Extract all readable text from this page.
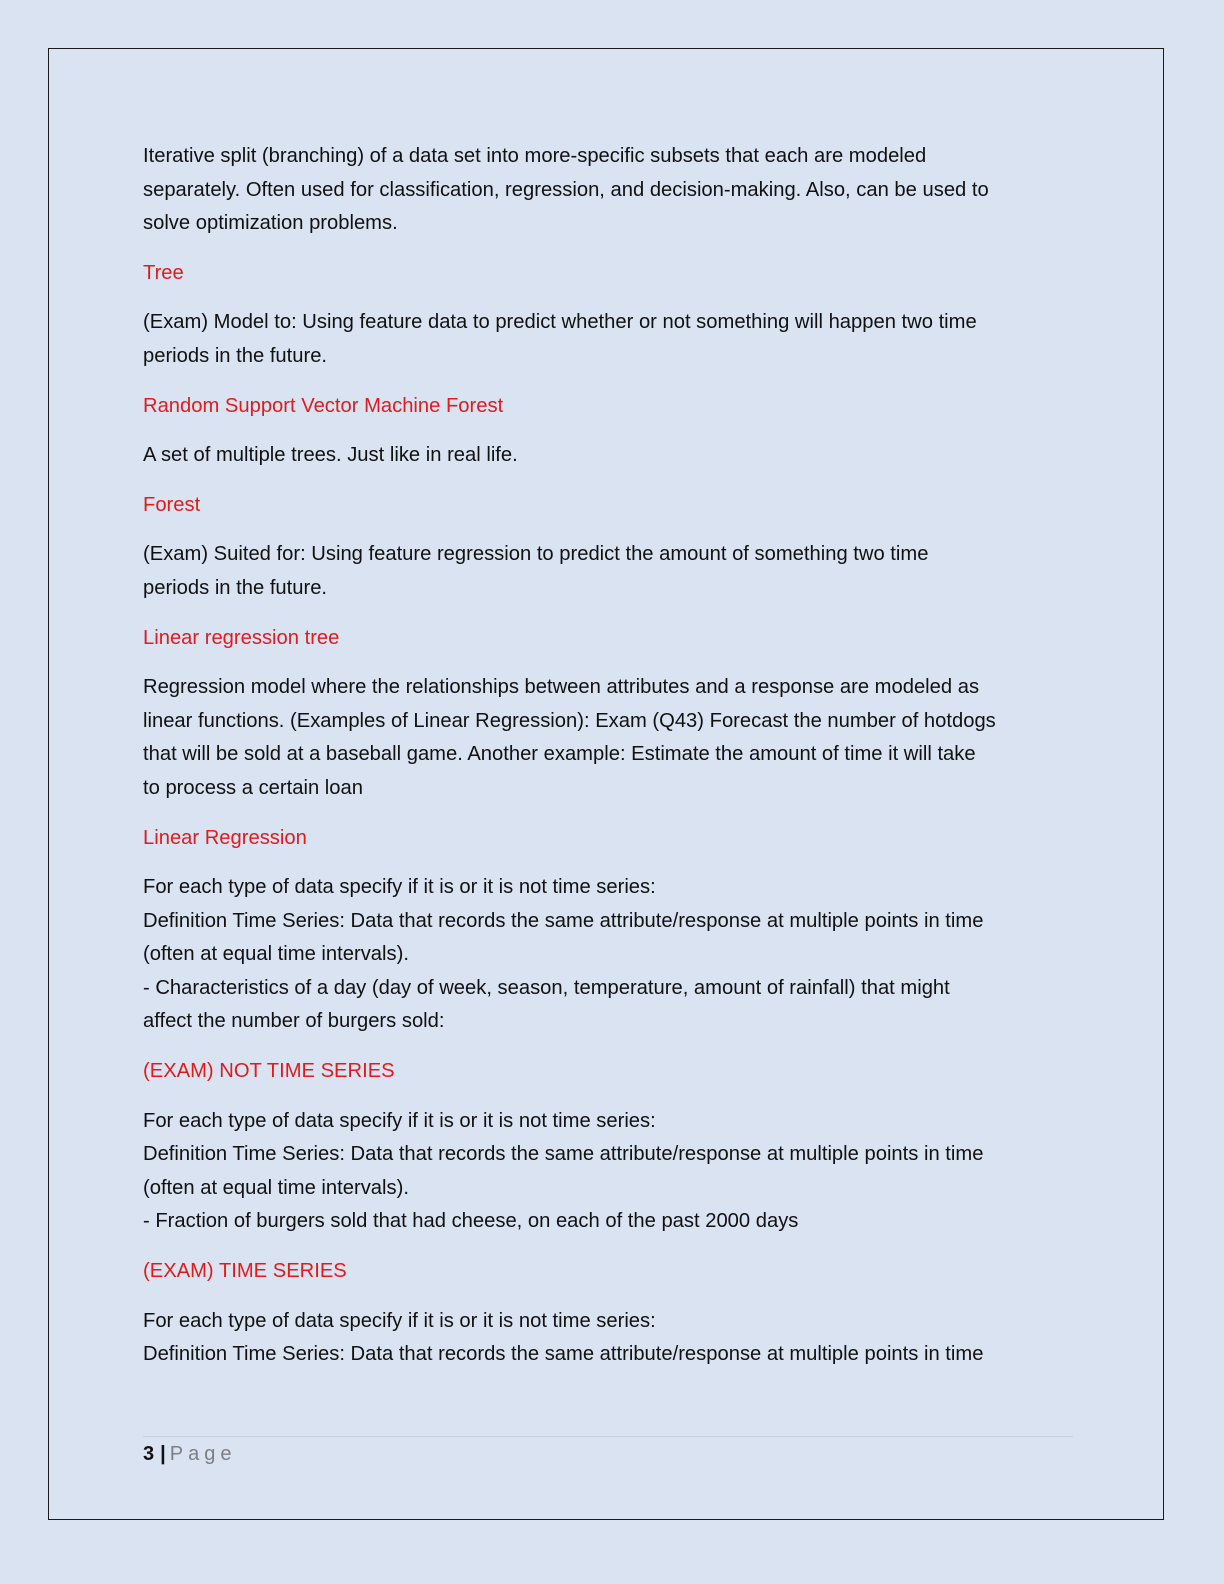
Iterative split (branching) of a data set into more-specific subsets that each are modeled
separately. Often used for classification, regression, and decision-making. Also, can be used to
solve optimization problems.

Tree

(Exam) Model to: Using feature data to predict whether or not something will happen two time
periods in the future.

Random Support Vector Machine Forest

A set of multiple trees. Just like in real life.

Forest

(Exam) Suited for: Using feature regression to predict the amount of something two time
periods in the future.

Linear regression tree

Regression model where the relationships between attributes and a response are modeled as
linear functions. (Examples of Linear Regression): Exam (Q43) Forecast the number of hotdogs
that will be sold at a baseball game. Another example: Estimate the amount of time it will take
to process a certain loan

Linear Regression

For each type of data specify if it is or it is not time series:
Definition Time Series: Data that records the same attribute/response at multiple points in time
(often at equal time intervals).
- Characteristics of a day (day of week, season, temperature, amount of rainfall) that might
affect the number of burgers sold:

(EXAM) NOT TIME SERIES

For each type of data specify if it is or it is not time series:
Definition Time Series: Data that records the same attribute/response at multiple points in time
(often at equal time intervals).
- Fraction of burgers sold that had cheese, on each of the past 2000 days

(EXAM) TIME SERIES

For each type of data specify if it is or it is not time series:
Definition Time Series: Data that records the same attribute/response at multiple points in time

3 | Page
